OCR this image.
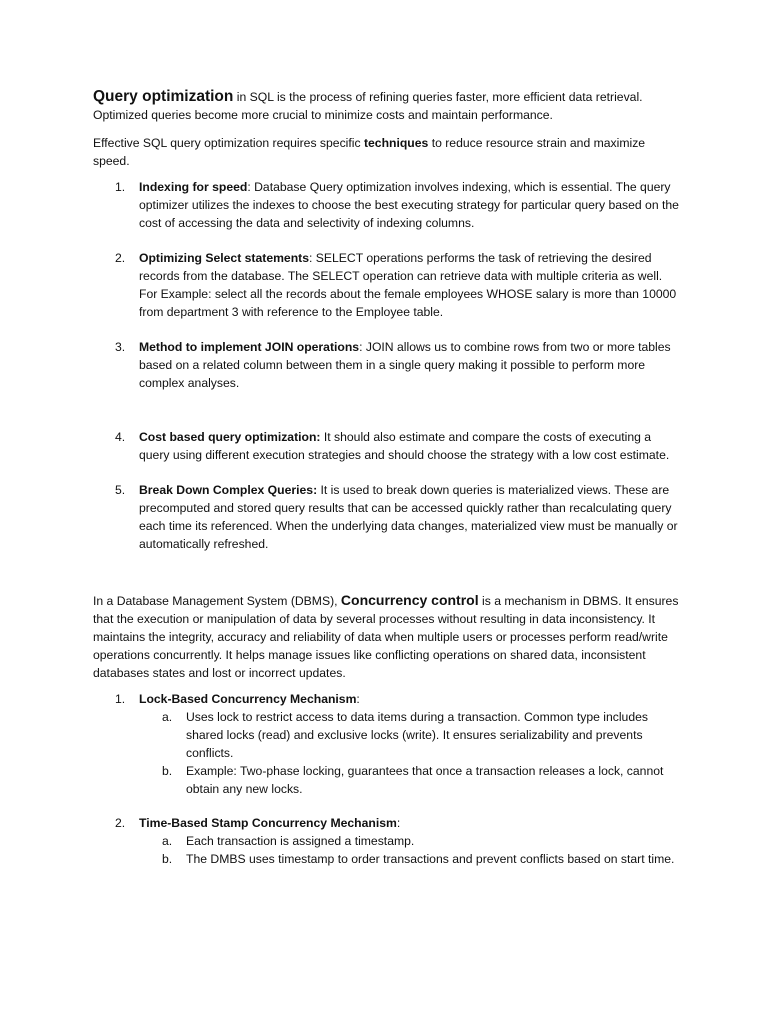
Query optimization in SQL is the process of refining queries faster, more efficient data retrieval. Optimized queries become more crucial to minimize costs and maintain performance.

Effective SQL query optimization requires specific techniques to reduce resource strain and maximize speed.

1. Indexing for speed: Database Query optimization involves indexing, which is essential. The query optimizer utilizes the indexes to choose the best executing strategy for particular query based on the cost of accessing the data and selectivity of indexing columns.
2. Optimizing Select statements: SELECT operations performs the task of retrieving the desired records from the database. The SELECT operation can retrieve data with multiple criteria as well. For Example: select all the records about the female employees WHOSE salary is more than 10000 from department 3 with reference to the Employee table.
3. Method to implement JOIN operations: JOIN allows us to combine rows from two or more tables based on a related column between them in a single query making it possible to perform more complex analyses.
4. Cost based query optimization: It should also estimate and compare the costs of executing a query using different execution strategies and should choose the strategy with a low cost estimate.
5. Break Down Complex Queries: It is used to break down queries is materialized views. These are precomputed and stored query results that can be accessed quickly rather than recalculating query each time its referenced. When the underlying data changes, materialized view must be manually or automatically refreshed.

In a Database Management System (DBMS), Concurrency control is a mechanism in DBMS. It ensures that the execution or manipulation of data by several processes without resulting in data inconsistency. It maintains the integrity, accuracy and reliability of data when multiple users or processes perform read/write operations concurrently. It helps manage issues like conflicting operations on shared data, inconsistent databases states and lost or incorrect updates.

1. Lock-Based Concurrency Mechanism:
a. Uses lock to restrict access to data items during a transaction. Common type includes shared locks (read) and exclusive locks (write). It ensures serializability and prevents conflicts.
b. Example: Two-phase locking, guarantees that once a transaction releases a lock, cannot obtain any new locks.
2. Time-Based Stamp Concurrency Mechanism:
a. Each transaction is assigned a timestamp.
b. The DMBS uses timestamp to order transactions and prevent conflicts based on start time.
